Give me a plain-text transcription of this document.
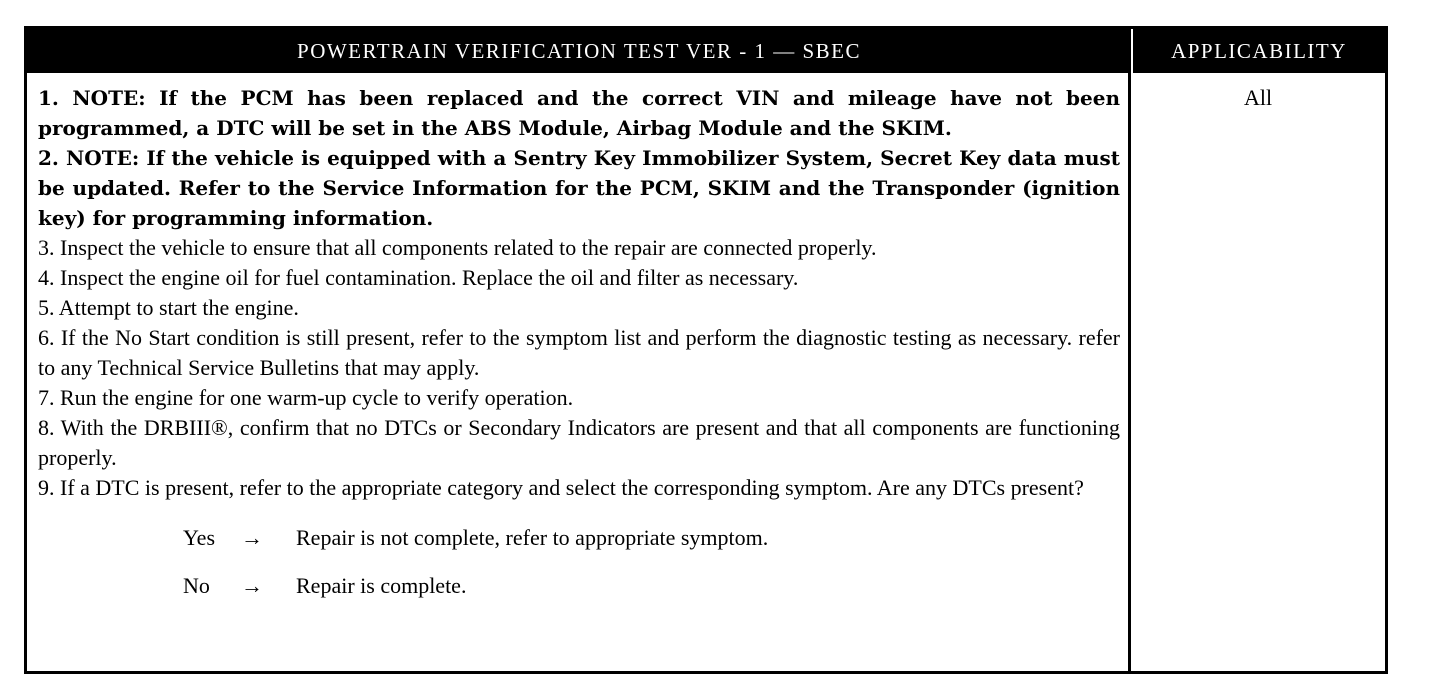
POWERTRAIN VERIFICATION TEST VER - 1 — SBEC	APPLICABILITY

1. NOTE: If the PCM has been replaced and the correct VIN and mileage have not been programmed, a DTC will be set in the ABS Module, Airbag Module and the SKIM.

2. NOTE: If the vehicle is equipped with a Sentry Key Immobilizer System, Secret Key data must be updated. Refer to the Service Information for the PCM, SKIM and the Transponder (ignition key) for programming information.

3. Inspect the vehicle to ensure that all components related to the repair are connected properly.

4. Inspect the engine oil for fuel contamination. Replace the oil and filter as necessary.

5. Attempt to start the engine.

6. If the No Start condition is still present, refer to the symptom list and perform the diagnostic testing as necessary. refer to any Technical Service Bulletins that may apply.

7. Run the engine for one warm-up cycle to verify operation.

8. With the DRBIII®, confirm that no DTCs or Secondary Indicators are present and that all components are functioning properly.

9. If a DTC is present, refer to the appropriate category and select the corresponding symptom. Are any DTCs present?

Yes	→	Repair is not complete, refer to appropriate symptom.
No	→	Repair is complete.
All
